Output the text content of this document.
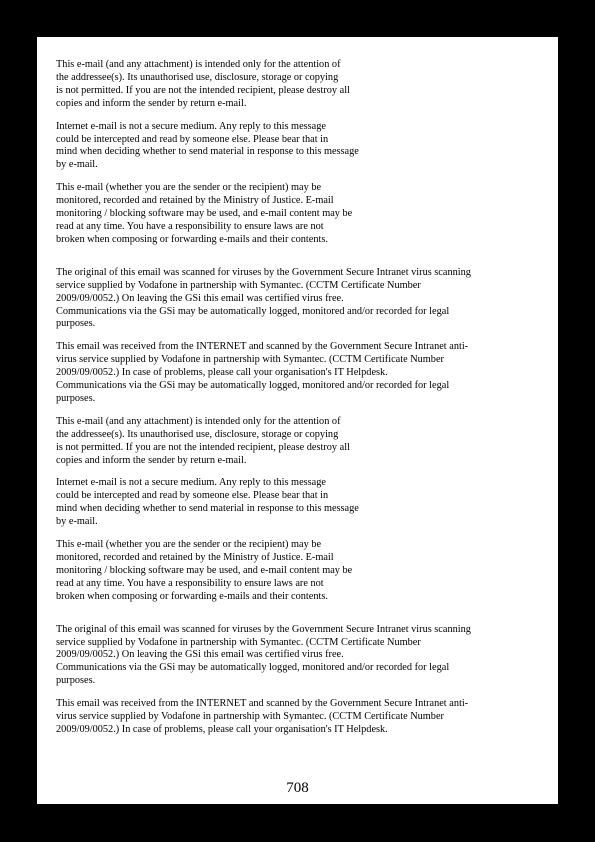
This e-mail (and any attachment) is intended only for the attention of
the addressee(s). Its unauthorised use, disclosure, storage or copying
is not permitted. If you are not the intended recipient, please destroy all
copies and inform the sender by return e-mail.

Internet e-mail is not a secure medium. Any reply to this message
could be intercepted and read by someone else. Please bear that in
mind when deciding whether to send material in response to this message
by e-mail.

This e-mail (whether you are the sender or the recipient) may be
monitored, recorded and retained by the Ministry of Justice. E-mail
monitoring / blocking software may be used, and e-mail content may be
read at any time. You have a responsibility to ensure laws are not
broken when composing or forwarding e-mails and their contents.

The original of this email was scanned for viruses by the Government Secure Intranet virus scanning
service supplied by Vodafone in partnership with Symantec. (CCTM Certificate Number
2009/09/0052.) On leaving the GSi this email was certified virus free.
Communications via the GSi may be automatically logged, monitored and/or recorded for legal
purposes.

This email was received from the INTERNET and scanned by the Government Secure Intranet anti-
virus service supplied by Vodafone in partnership with Symantec. (CCTM Certificate Number
2009/09/0052.) In case of problems, please call your organisation's IT Helpdesk.
Communications via the GSi may be automatically logged, monitored and/or recorded for legal
purposes.

This e-mail (and any attachment) is intended only for the attention of
the addressee(s). Its unauthorised use, disclosure, storage or copying
is not permitted. If you are not the intended recipient, please destroy all
copies and inform the sender by return e-mail.

Internet e-mail is not a secure medium. Any reply to this message
could be intercepted and read by someone else. Please bear that in
mind when deciding whether to send material in response to this message
by e-mail.

This e-mail (whether you are the sender or the recipient) may be
monitored, recorded and retained by the Ministry of Justice. E-mail
monitoring / blocking software may be used, and e-mail content may be
read at any time. You have a responsibility to ensure laws are not
broken when composing or forwarding e-mails and their contents.

The original of this email was scanned for viruses by the Government Secure Intranet virus scanning
service supplied by Vodafone in partnership with Symantec. (CCTM Certificate Number
2009/09/0052.) On leaving the GSi this email was certified virus free.
Communications via the GSi may be automatically logged, monitored and/or recorded for legal
purposes.

This email was received from the INTERNET and scanned by the Government Secure Intranet anti-
virus service supplied by Vodafone in partnership with Symantec. (CCTM Certificate Number
2009/09/0052.) In case of problems, please call your organisation's IT Helpdesk.

708
